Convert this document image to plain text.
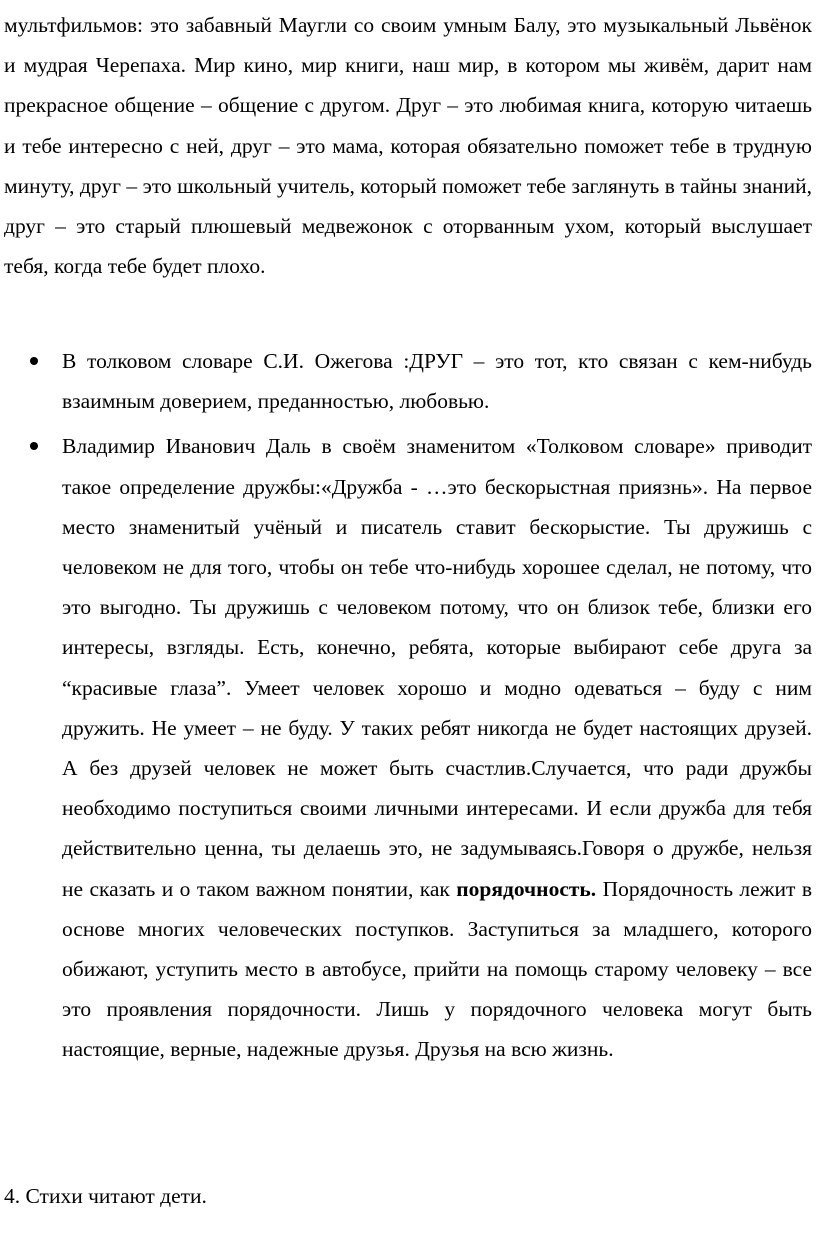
мультфильмов: это забавный Маугли со своим умным Балу, это музыкальный Львёнок и мудрая Черепаха. Мир кино, мир книги, наш мир, в котором мы живём, дарит нам прекрасное общение – общение с другом. Друг – это любимая книга, которую читаешь и тебе интересно с ней, друг – это мама, которая обязательно поможет тебе в трудную минуту, друг – это школьный учитель, который поможет тебе заглянуть в тайны знаний, друг – это старый плюшевый медвежонок с оторванным ухом, который выслушает тебя, когда тебе будет плохо.

В толковом словаре С.И. Ожегова :ДРУГ – это тот, кто связан с кем-нибудь взаимным доверием, преданностью, любовью.
Владимир Иванович Даль в своём знаменитом «Толковом словаре» приводит такое определение дружбы:«Дружба - …это бескорыстная приязнь». На первое место знаменитый учёный и писатель ставит бескорыстие. Ты дружишь с человеком не для того, чтобы он тебе что-нибудь хорошее сделал, не потому, что это выгодно. Ты дружишь с человеком потому, что он близок тебе, близки его интересы, взгляды. Есть, конечно, ребята, которые выбирают себе друга за “красивые глаза”. Умеет человек хорошо и модно одеваться – буду с ним дружить. Не умеет – не буду. У таких ребят никогда не будет настоящих друзей. А без друзей человек не может быть счастлив.Случается, что ради дружбы необходимо поступиться своими личными интересами. И если дружба для тебя действительно ценна, ты делаешь это, не задумываясь.Говоря о дружбе, нельзя не сказать и о таком важном понятии, как порядочность. Порядочность лежит в основе многих человеческих поступков. Заступиться за младшего, которого обижают, уступить место в автобусе, прийти на помощь старому человеку – все это проявления порядочности. Лишь у порядочного человека могут быть настоящие, верные, надежные друзья. Друзья на всю жизнь.

4. Стихи читают дети.
